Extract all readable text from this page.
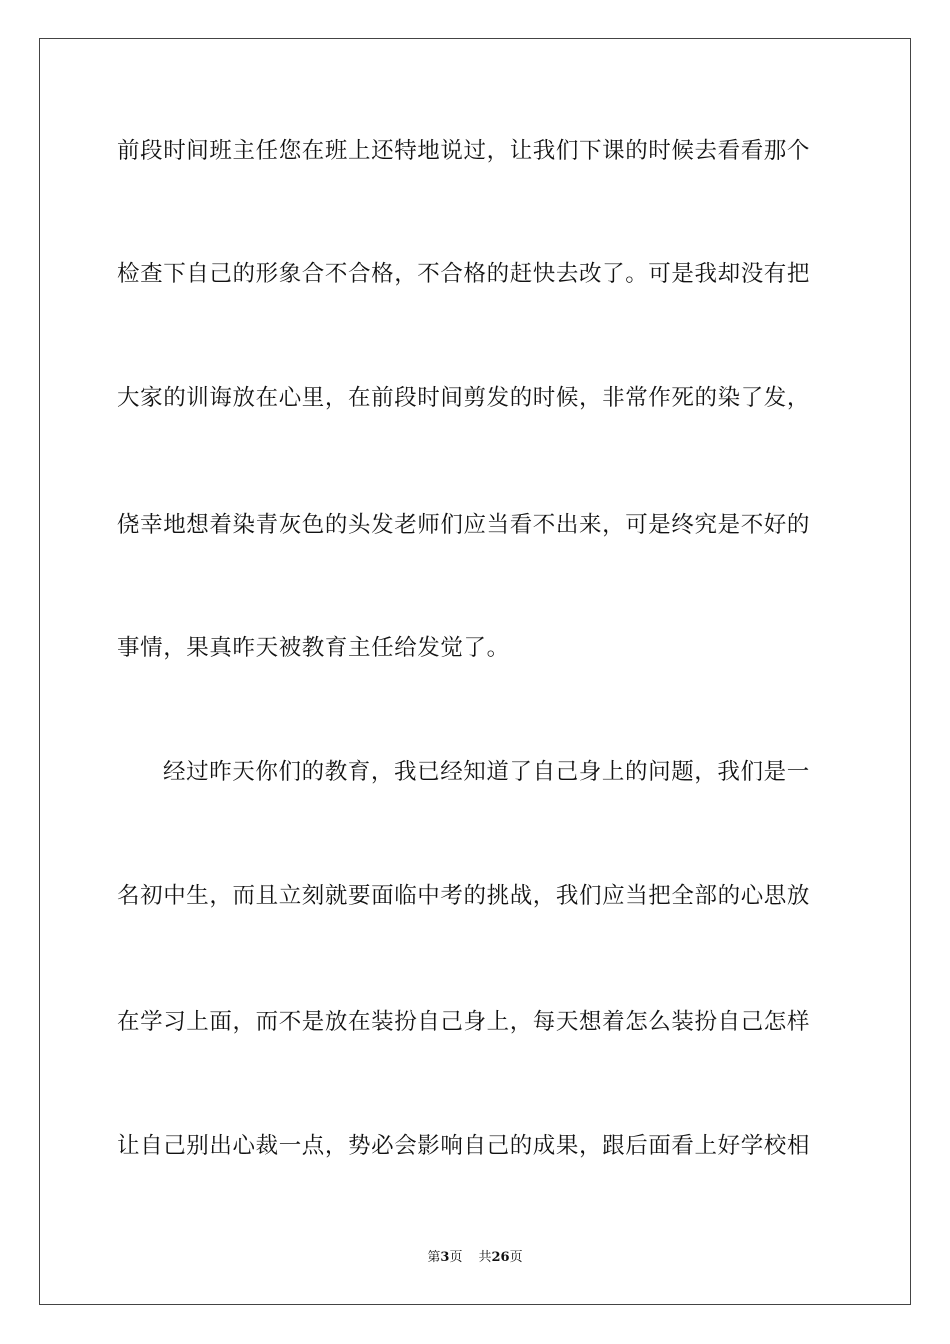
前段时间班主任您在班上还特地说过，让我们下课的时候去看看那个
检查下自己的形象合不合格，不合格的赶快去改了。可是我却没有把
大家的训诲放在心里，在前段时间剪发的时候，非常作死的染了发，
侥幸地想着染青灰色的头发老师们应当看不出来，可是终究是不好的
事情，果真昨天被教育主任给发觉了。
经过昨天你们的教育，我已经知道了自己身上的问题，我们是一
名初中生，而且立刻就要面临中考的挑战，我们应当把全部的心思放
在学习上面，而不是放在装扮自己身上，每天想着怎么装扮自己怎样
让自己别出心裁一点，势必会影响自己的成果，跟后面看上好学校相
第3页 共26页
